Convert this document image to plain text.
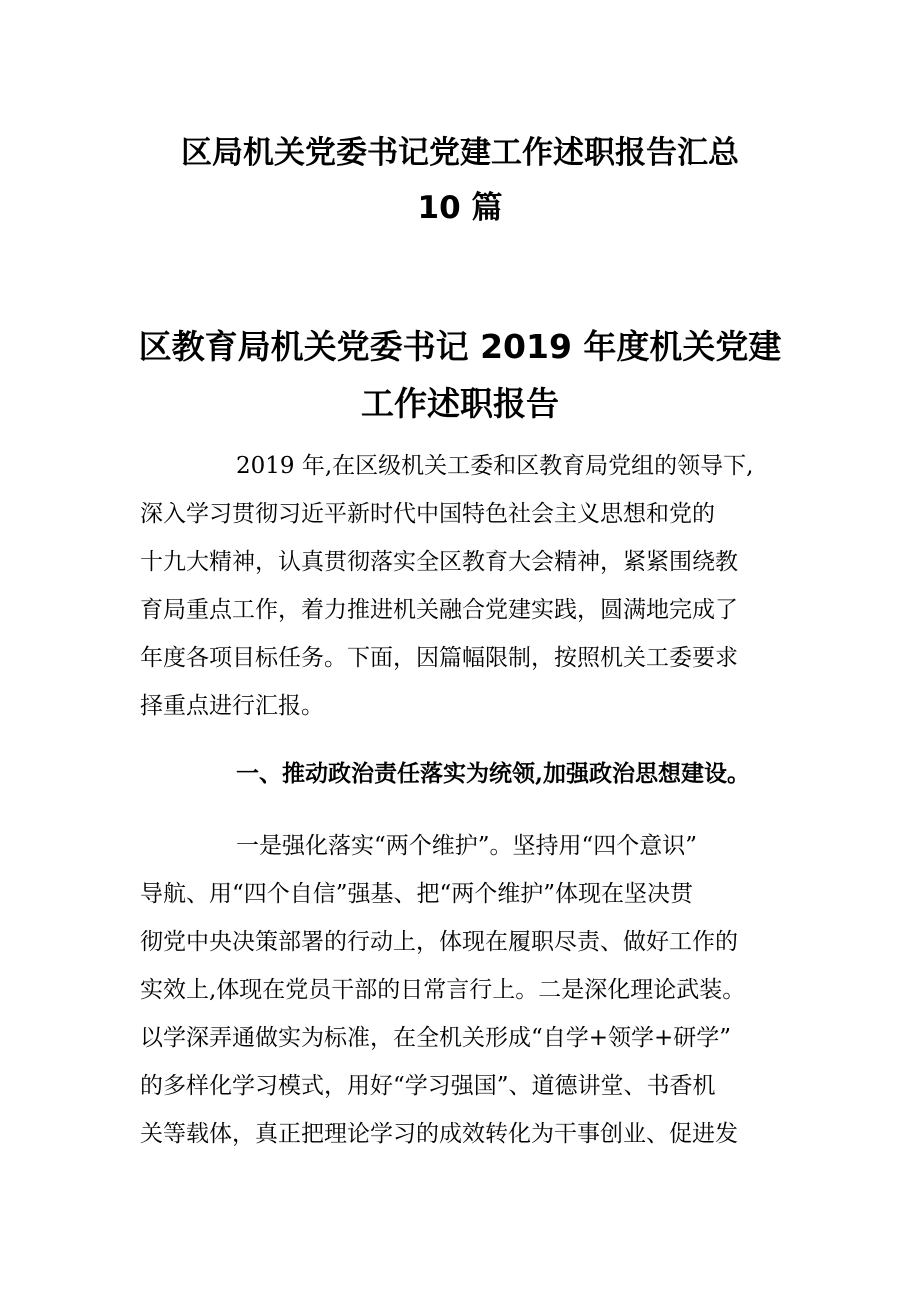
区局机关党委书记党建工作述职报告汇总
10 篇
区教育局机关党委书记 2019 年度机关党建
工作述职报告
2019 年,在区级机关工委和区教育局党组的领导下,
深入学习贯彻习近平新时代中国特色社会主义思想和党的
十九大精神，认真贯彻落实全区教育大会精神，紧紧围绕教
育局重点工作，着力推进机关融合党建实践，圆满地完成了
年度各项目标任务。下面，因篇幅限制，按照机关工委要求
择重点进行汇报。
一、推动政治责任落实为统领,加强政治思想建设。
一是强化落实“两个维护”。坚持用“四个意识”
导航、用“四个自信”强基、把“两个维护”体现在坚决贯
彻党中央决策部署的行动上，体现在履职尽责、做好工作的
实效上,体现在党员干部的日常言行上。二是深化理论武装。
以学深弄通做实为标准，在全机关形成“自学+领学+研学”
的多样化学习模式，用好“学习强国”、道德讲堂、书香机
关等载体，真正把理论学习的成效转化为干事创业、促进发
